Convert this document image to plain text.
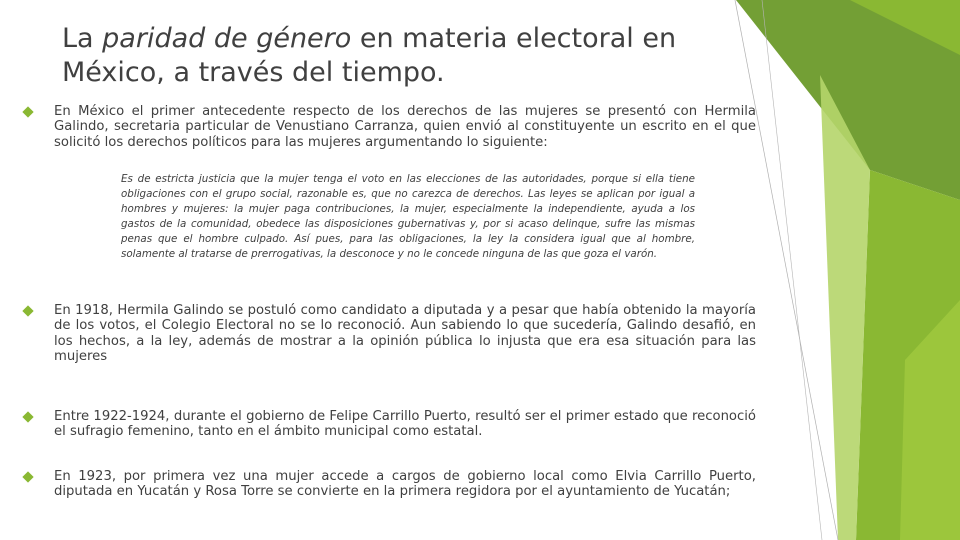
La paridad de género en materia electoral en México, a través del tiempo.

En México el primer antecedente respecto de los derechos de las mujeres se presentó con Hermila Galindo, secretaria particular de Venustiano Carranza, quien envió al constituyente un escrito en el que solicitó los derechos políticos para las mujeres argumentando lo siguiente:

Es de estricta justicia que la mujer tenga el voto en las elecciones de las autoridades, porque si ella tiene obligaciones con el grupo social, razonable es, que no carezca de derechos. Las leyes se aplican por igual a hombres y mujeres: la mujer paga contribuciones, la mujer, especialmente la independiente, ayuda a los gastos de la comunidad, obedece las disposiciones gubernativas y, por si acaso delinque, sufre las mismas penas que el hombre culpado. Así pues, para las obligaciones, la ley la considera igual que al hombre, solamente al tratarse de prerrogativas, la desconoce y no le concede ninguna de las que goza el varón.

En 1918, Hermila Galindo se postuló como candidato a diputada y a pesar que había obtenido la mayoría de los votos, el Colegio Electoral no se lo reconoció. Aun sabiendo lo que sucedería, Galindo desafió, en los hechos, a la ley, además de mostrar a la opinión pública lo injusta que era esa situación para las mujeres

Entre 1922-1924, durante el gobierno de Felipe Carrillo Puerto, resultó ser el primer estado que reconoció el sufragio femenino, tanto en el ámbito municipal como estatal.

En 1923, por primera vez una mujer accede a cargos de gobierno local como Elvia Carrillo Puerto, diputada en Yucatán y Rosa Torre se convierte en la primera regidora por el ayuntamiento de Yucatán;
